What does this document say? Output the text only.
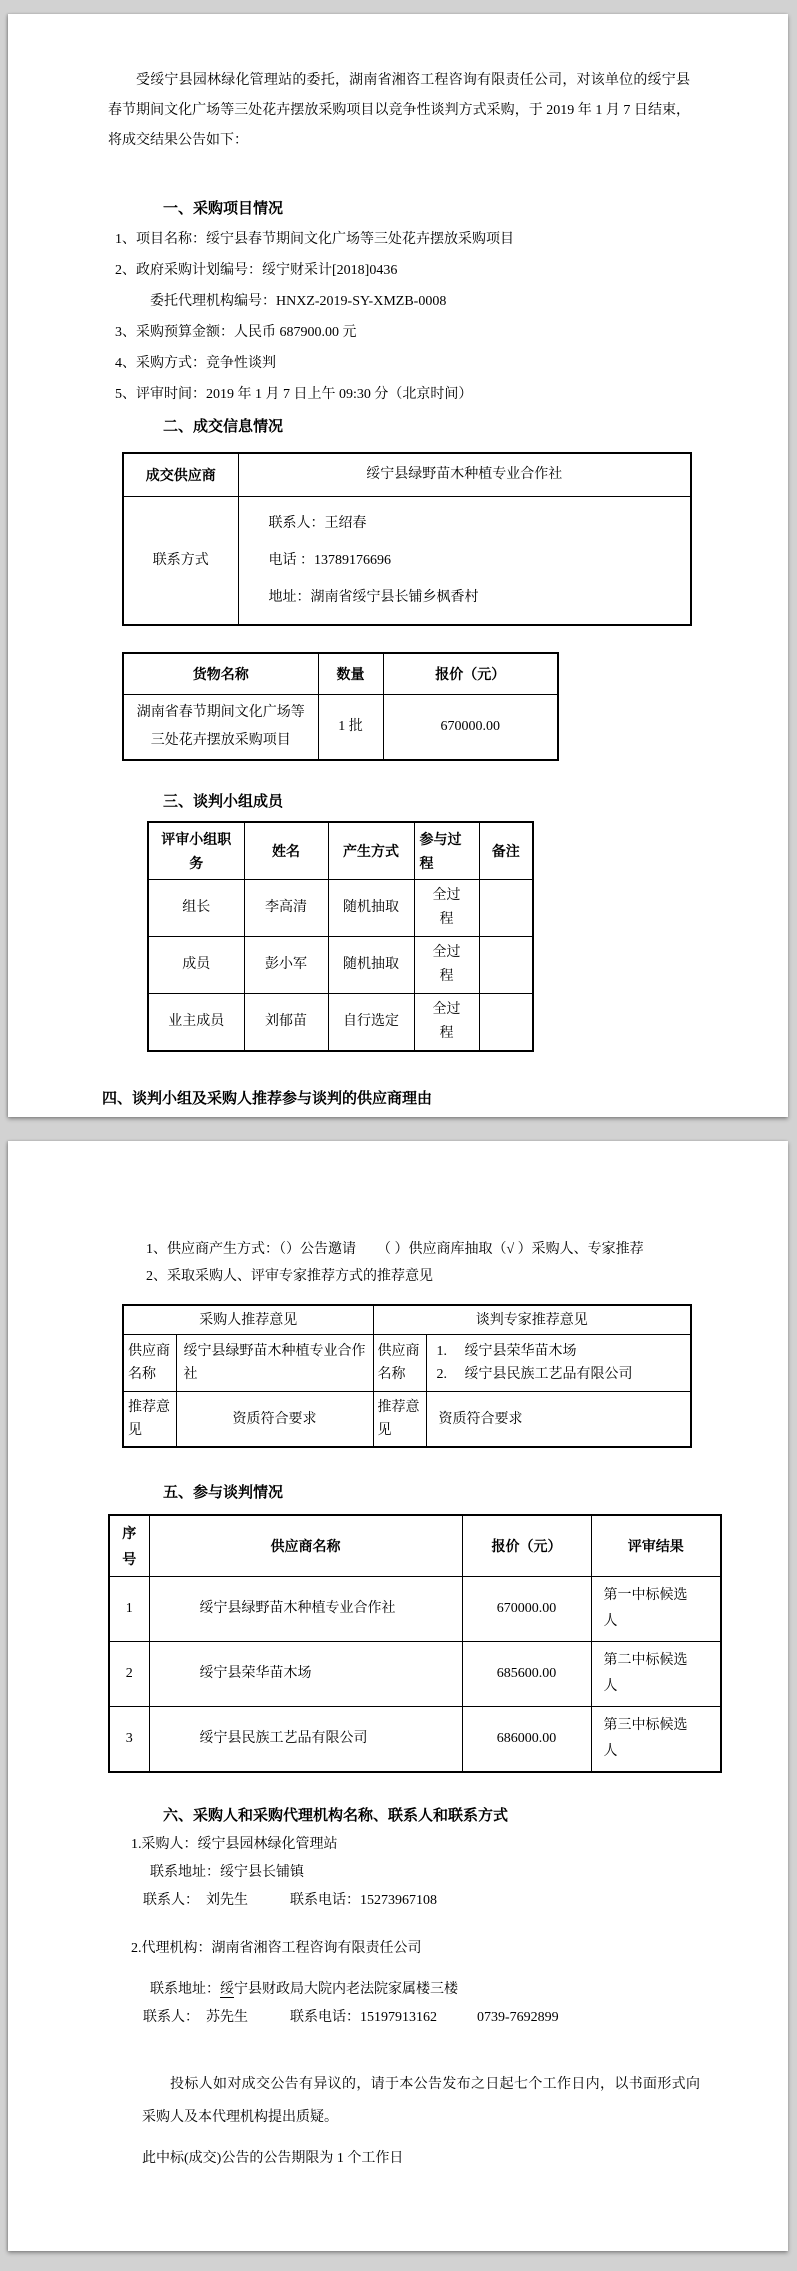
受绥宁县园林绿化管理站的委托，湖南省湘咨工程咨询有限责任公司，对该单位的绥宁县春节期间文化广场等三处花卉摆放采购项目以竞争性谈判方式采购，于 2019 年 1 月 7 日结束，将成交结果公告如下：

一、采购项目情况
1、项目名称：绥宁县春节期间文化广场等三处花卉摆放采购项目
2、政府采购计划编号：绥宁财采计[2018]0436
委托代理机构编号：HNXZ-2019-SY-XMZB-0008
3、采购预算金额：人民币 687900.00 元
4、采购方式：竞争性谈判
5、评审时间：2019 年 1 月 7 日上午 09:30 分（北京时间）
二、成交信息情况
成交供应商	绥宁县绿野苗木种植专业合作社
联系方式	联系人：王绍春
电话 ：13789176696
地址：湖南省绥宁县长铺乡枫香村
货物名称	数量	报价（元）
湖南省春节期间文化广场等三处花卉摆放采购项目	1 批	670000.00
三、谈判小组成员
评审小组职务	姓名	产生方式	参与过程	备注
组长	李高清	随机抽取	全过程	
成员	彭小军	随机抽取	全过程	
业主成员	刘郁苗	自行选定	全过程	
四、谈判小组及采购人推荐参与谈判的供应商理由
1、供应商产生方式：（）公告邀请　　（ ）供应商库抽取（√ ）采购人、专家推荐
2、采取采购人、评审专家推荐方式的推荐意见
采购人推荐意见		谈判专家推荐意见	
供应商名称	绥宁县绿野苗木种植专业合作社	供应商名称	1. 绥宁县荣华苗木场
2. 绥宁县民族工艺品有限公司

推荐意见	资质符合要求	推荐意见	资质符合要求
五、参与谈判情况
序号	供应商名称	报价（元）	评审结果
1	绥宁县绿野苗木种植专业合作社	670000.00	第一中标候选人
2	绥宁县荣华苗木场	685600.00	第二中标候选人
3	绥宁县民族工艺品有限公司	686000.00	第三中标候选人
六、采购人和采购代理机构名称、联系人和联系方式
1.采购人：绥宁县园林绿化管理站
联系地址：绥宁县长铺镇
联系人：　刘先生　　　联系电话：15273967108
2.代理机构：湖南省湘咨工程咨询有限责任公司
联系地址：绥宁县财政局大院内老法院家属楼三楼
联系人：　苏先生　　　联系电话：15197913162	0739-7692899

投标人如对成交公告有异议的，请于本公告发布之日起七个工作日内，以书面形式向采购人及本代理机构提出质疑。

此中标(成交)公告的公告期限为 1 个工作日
